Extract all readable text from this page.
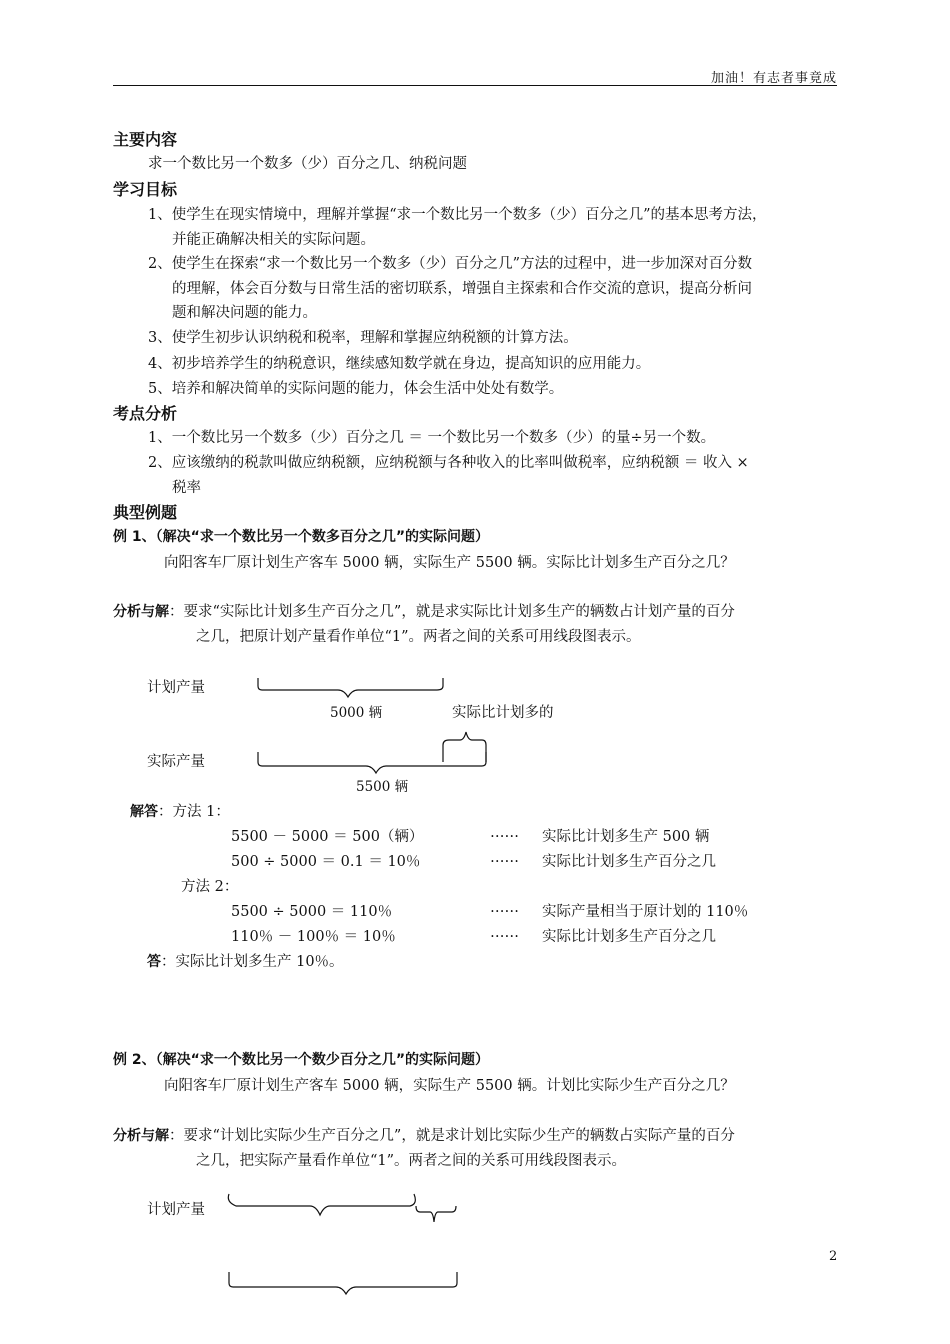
加油！有志者事竟成
主要内容
求一个数比另一个数多（少）百分之几、纳税问题
学习目标
1、使学生在现实情境中，理解并掌握“求一个数比另一个数多（少）百分之几”的基本思考方法，
并能正确解决相关的实际问题。
2、使学生在探索“求一个数比另一个数多（少）百分之几”方法的过程中，进一步加深对百分数
的理解，体会百分数与日常生活的密切联系，增强自主探索和合作交流的意识，提高分析问
题和解决问题的能力。
3、使学生初步认识纳税和税率，理解和掌握应纳税额的计算方法。
4、初步培养学生的纳税意识，继续感知数学就在身边，提高知识的应用能力。
5、培养和解决简单的实际问题的能力，体会生活中处处有数学。
考点分析
1、一个数比另一个数多（少）百分之几 ＝ 一个数比另一个数多（少）的量÷另一个数。
2、应该缴纳的税款叫做应纳税额，应纳税额与各种收入的比率叫做税率，应纳税额 ＝ 收入 ×
税率
典型例题
例 1、（解决“求一个数比另一个数多百分之几”的实际问题）
向阳客车厂原计划生产客车 5000 辆，实际生产 5500 辆。实际比计划多生产百分之几？
分析与解：要求“实际比计划多生产百分之几”，就是求实际比计划多生产的辆数占计划产量的百分
之几，把原计划产量看作单位“1”。两者之间的关系可用线段图表示。
计划产量
5000 辆	实际比计划多的
实际产量
5500 辆
解答：方法 1：
5500 － 5000 ＝ 500（辆）	…… 实际比计划多生产 500 辆
500 ÷ 5000 ＝ 0.1 ＝ 10％	…… 实际比计划多生产百分之几
方法 2：
5500 ÷ 5000 ＝ 110％	…… 实际产量相当于原计划的 110％
110％ － 100％ ＝ 10％	…… 实际比计划多生产百分之几
答：实际比计划多生产 10％。
例 2、（解决“求一个数比另一个数少百分之几”的实际问题）
向阳客车厂原计划生产客车 5000 辆，实际生产 5500 辆。计划比实际少生产百分之几？
分析与解：要求“计划比实际少生产百分之几”，就是求计划比实际少生产的辆数占实际产量的百分
之几，把实际产量看作单位“1”。两者之间的关系可用线段图表示。
计划产量
2
